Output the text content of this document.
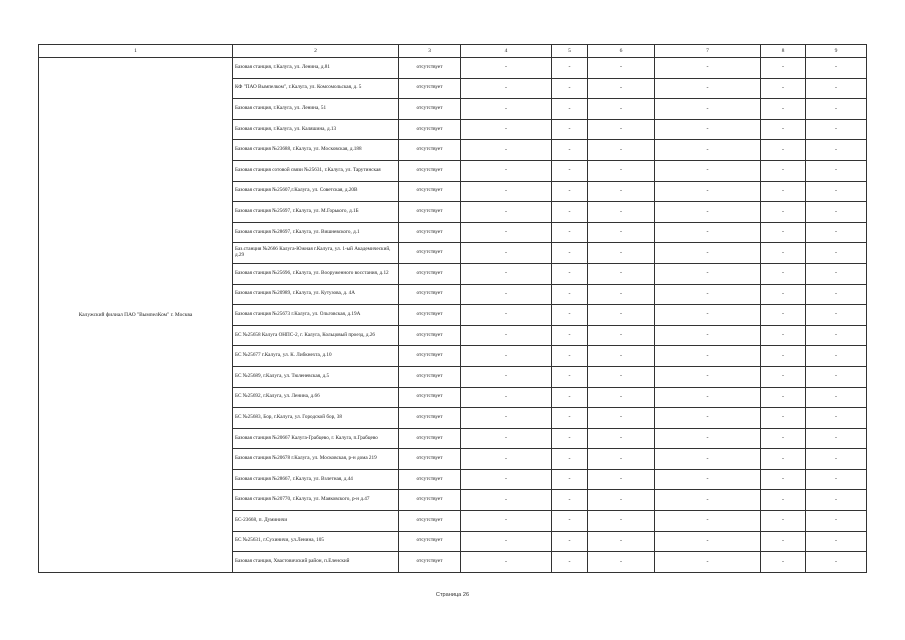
1	2	3	4	5	6	7	8	9
Калужский филиал ПАО "ВымпелКом" г. Москва	Базовая станция, г.Калуга, ул. Ленина, д.81	отсутствует	-	-	-	-	-	-
	КФ "ПАО Вымпелком", г.Калуга, ул. Комсомольская, д. 5	отсутствует	-	-	-	-	-	-
	Базовая станция, г.Калуга, ул. Ленина, 51	отсутствует	-	-	-	-	-	-
	Базовая станция, г.Калуга, ул. Каляшина, д.13	отсутствует	-	-	-	-	-	-
	Базовая станция №23688, г.Калуга, ул. Московская, д.188	отсутствует	-	-	-	-	-	-
	Базовая станция сотовой связи №25631, г.Калуга, ул. Тарутинская	отсутствует	-	-	-	-	-	-
	Базовая станция №25607,г.Калуга, ул. Советская, д.20В	отсутствует	-	-	-	-	-	-
	Базовая станция №25697, г.Калуга, ул. М.Горького, д.1Б	отсутствует	-	-	-	-	-	-
	Базовая станция №28697, г.Калуга, ул. Вишневского, д.1	отсутствует	-	-	-	-	-	-
	Баз.станция №2666 Калуга-Южная г.Калуга, ул. 1-ый Академический, д.29	отсутствует	-	-	-	-	-	-
	Базовая станция №25696, г.Калуга, ул. Вооруженного восстания, д.12	отсутствует	-	-	-	-	-	-
	Базовая станция №20989, г.Калуга, ул. Кутузова, д. 4А	отсутствует	-	-	-	-	-	-
	Базовая станция №25673 г.Калуга, ул. Ольговская, д.19А	отсутствует	-	-	-	-	-	-
	БС №25658 Калуга ОНПС-2, г. Калуга, Кольцовый проезд, д.26	отсутствует	-	-	-	-	-	-
	БС №25677 г.Калуга, ул. К. Либкнехта, д.10	отсутствует	-	-	-	-	-	-
	БС №25689, г.Калуга, ул. Тюленевская, д.5	отсутствует	-	-	-	-	-	-
	БС №25692, г.Калуга, ул. Ленина, д.66	отсутствует	-	-	-	-	-	-
	БС №25683, Бор, г.Калуга, ул. Городской бор, 38	отсутствует	-	-	-	-	-	-
	Базовая станция №20667 Калуга-Грабцево, г. Калуга, п.Грабцево	отсутствует	-	-	-	-	-	-
	Базовая станция №20678 г.Калуга, ул. Московская, р-н дома 219	отсутствует	-	-	-	-	-	-
	Базовая станция №28667, г.Калуга, ул. Взлетная, д.44	отсутствует	-	-	-	-	-	-
	Базовая станция №20770, г.Калуга, ул. Маяковского, р-н д.47	отсутствует	-	-	-	-	-	-
	БС-23668, п. Думиничи	отсутствует	-	-	-	-	-	-
	БС №25631, г.Сухиничи, ул.Ленина, 105	отсутствует	-	-	-	-	-	-
	Базовая станция, Хвастовичский район, п.Еленский	отсутствует	-	-	-	-	-	-
Страница 26
